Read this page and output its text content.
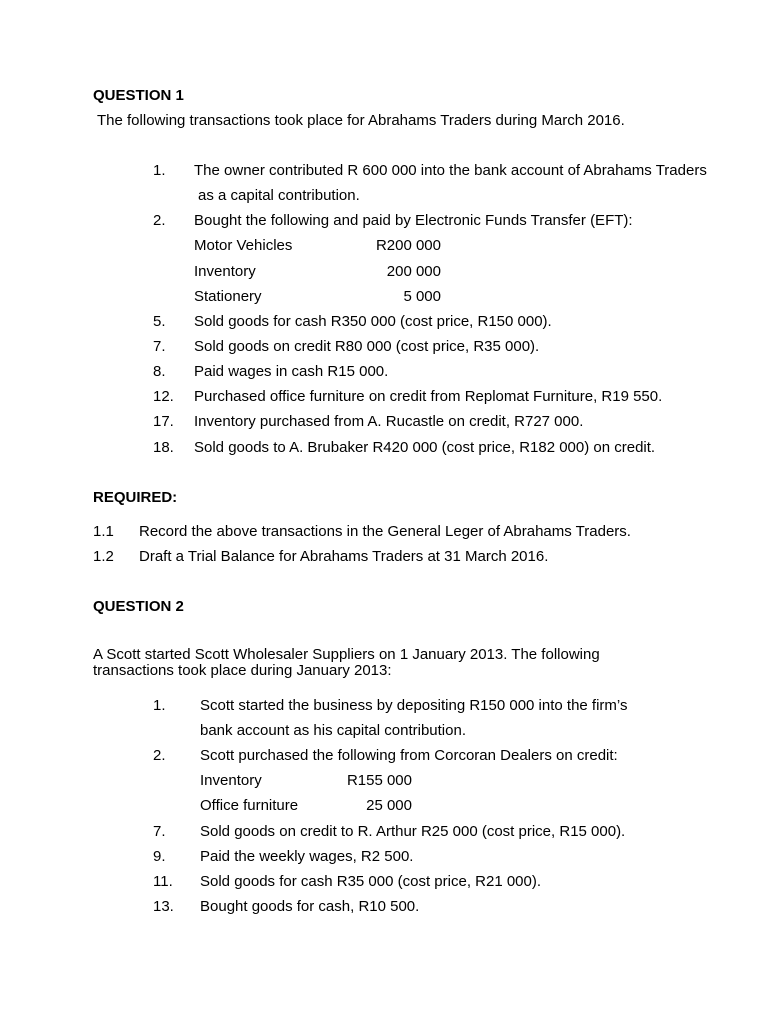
QUESTION 1
The following transactions took place for Abrahams Traders during March 2016.
1. The owner contributed R 600 000 into the bank account of Abrahams Traders
as a capital contribution.
2. Bought the following and paid by Electronic Funds Transfer (EFT):
Motor Vehicles	R200 000
Inventory	200 000
Stationery	5 000
5. Sold goods for cash R350 000 (cost price, R150 000).
7. Sold goods on credit R80 000 (cost price, R35 000).
8. Paid wages in cash R15 000.
12. Purchased office furniture on credit from Replomat Furniture, R19 550.
17. Inventory purchased from A. Rucastle on credit, R727 000.
18. Sold goods to A. Brubaker R420 000 (cost price, R182 000) on credit.
REQUIRED:
1.1 Record the above transactions in the General Leger of Abrahams Traders.
1.2 Draft a Trial Balance for Abrahams Traders at 31 March 2016.
QUESTION 2
A Scott started Scott Wholesaler Suppliers on 1 January 2013. The following
transactions took place during January 2013:
1. Scott started the business by depositing R150 000 into the firm’s
bank account as his capital contribution.
2. Scott purchased the following from Corcoran Dealers on credit:
Inventory	R155 000
Office furniture	25 000
7. Sold goods on credit to R. Arthur R25 000 (cost price, R15 000).
9. Paid the weekly wages, R2 500.
11. Sold goods for cash R35 000 (cost price, R21 000).
13. Bought goods for cash, R10 500.
